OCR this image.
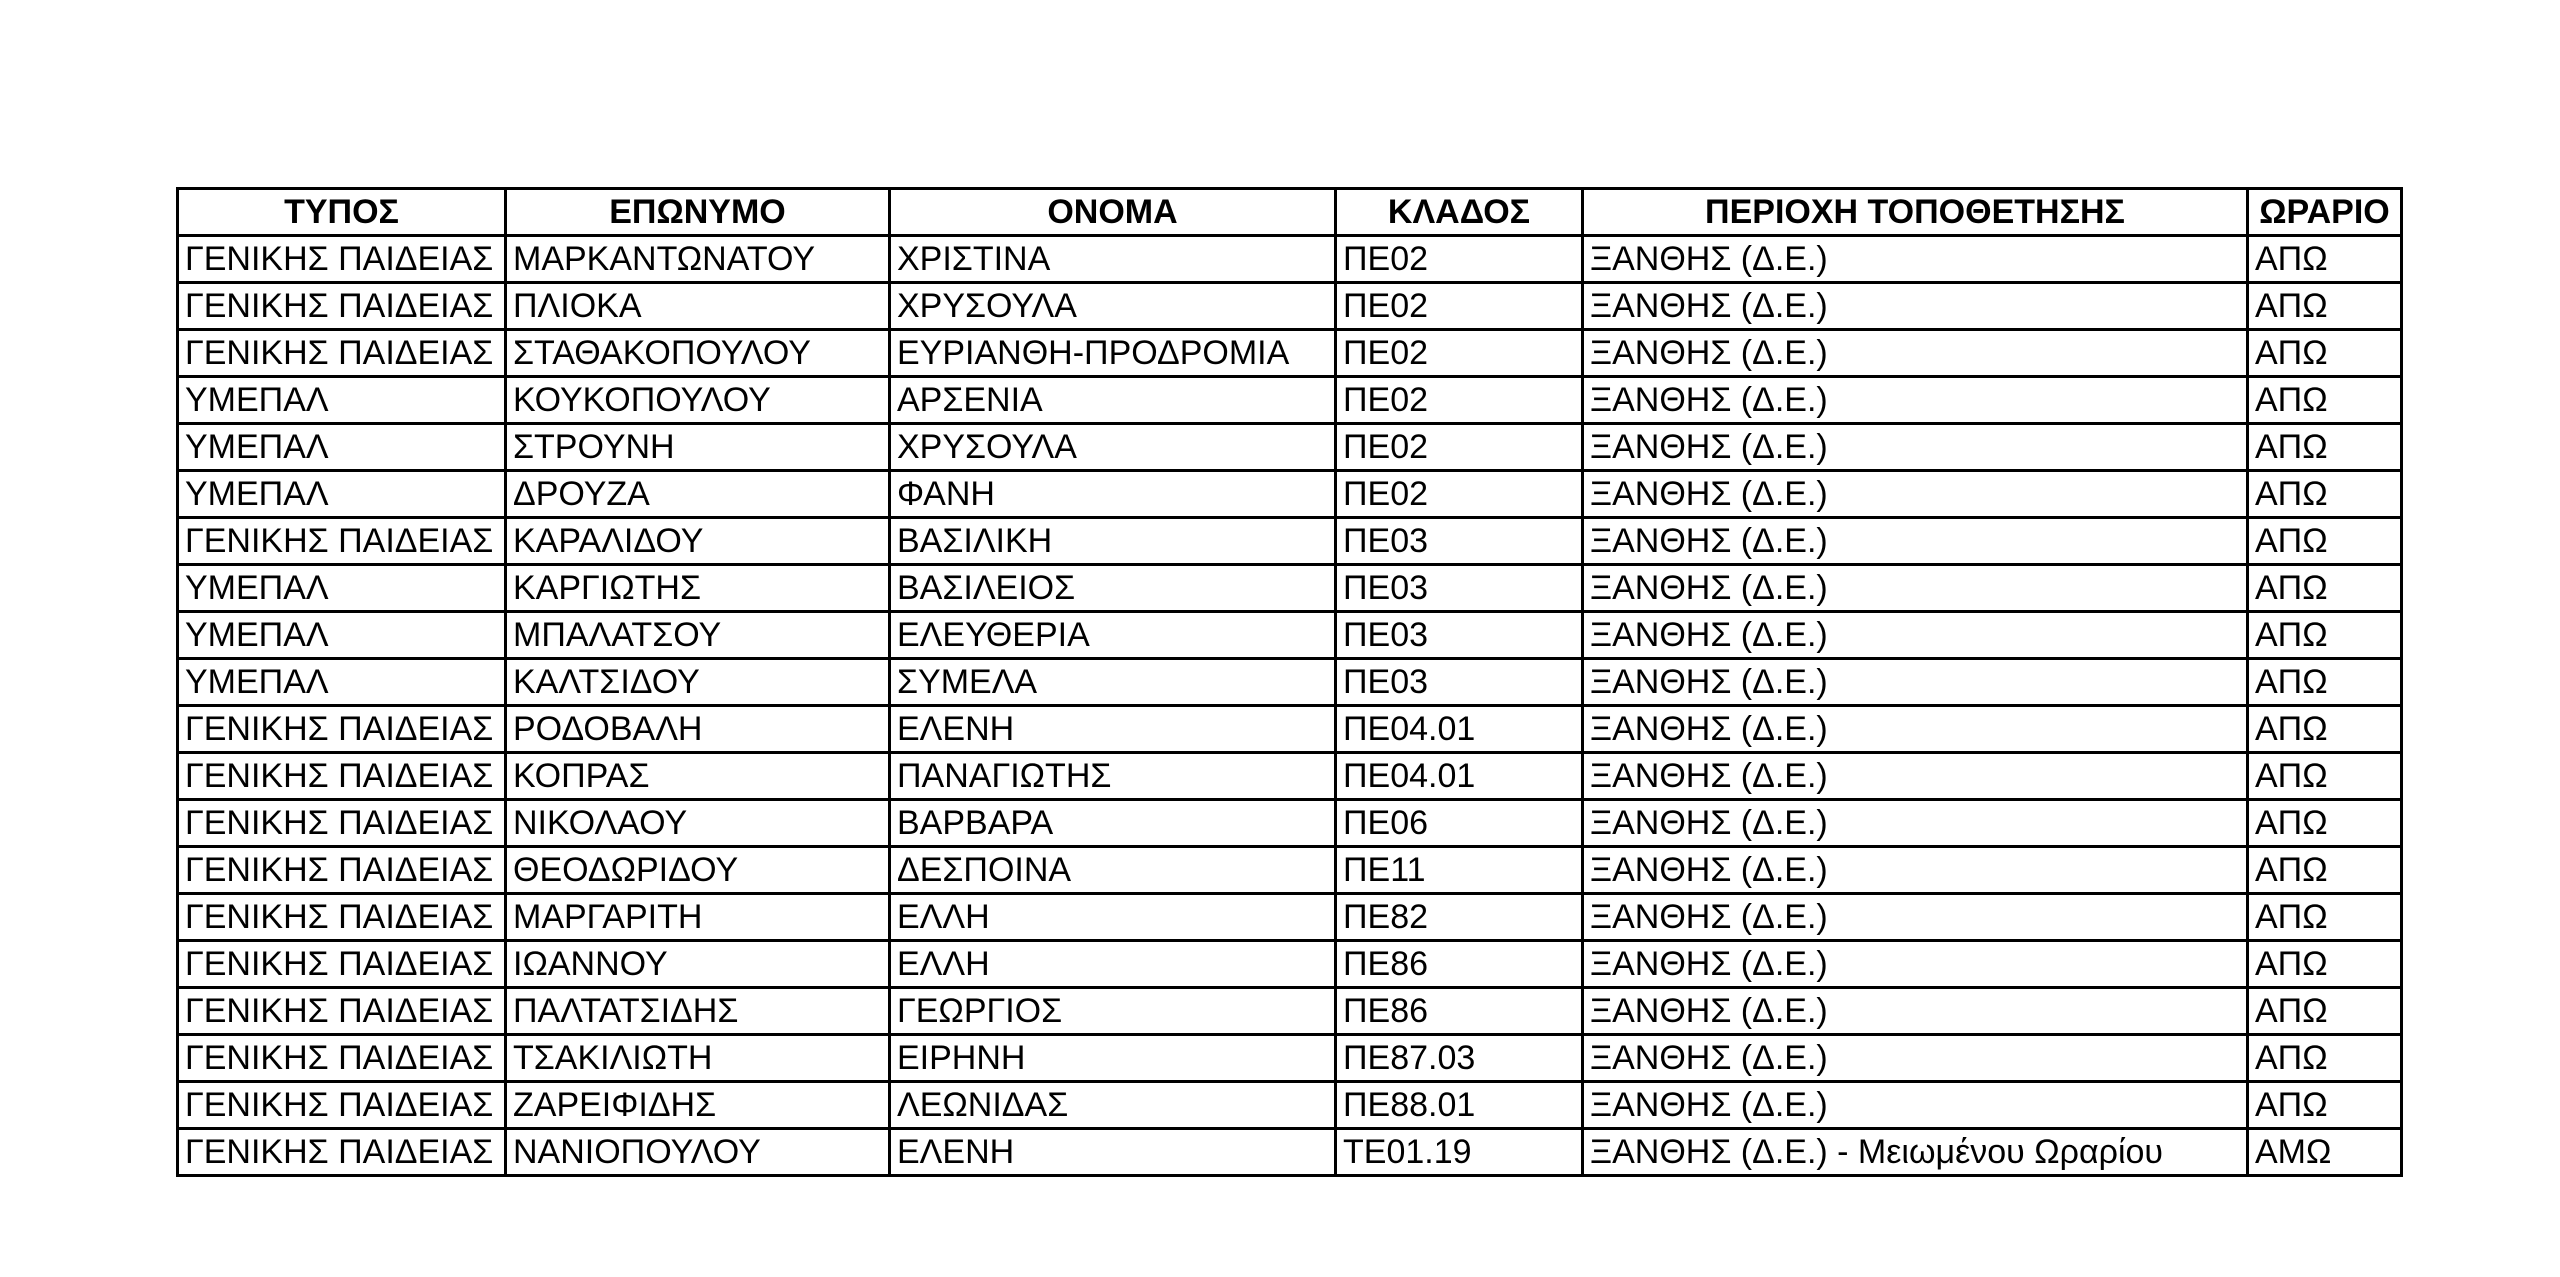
ΤΥΠΟΣ	ΕΠΩΝΥΜΟ	ΟΝΟΜΑ	ΚΛΑΔΟΣ	ΠΕΡΙΟΧΗ ΤΟΠΟΘΕΤΗΣΗΣ	ΩΡΑΡΙΟ
ΓΕΝΙΚΗΣ ΠΑΙΔΕΙΑΣ	ΜΑΡΚΑΝΤΩΝΑΤΟΥ	ΧΡΙΣΤΙΝΑ	ΠΕ02	ΞΑΝΘΗΣ (Δ.Ε.)	ΑΠΩ
ΓΕΝΙΚΗΣ ΠΑΙΔΕΙΑΣ	ΠΛΙΟΚΑ	ΧΡΥΣΟΥΛΑ	ΠΕ02	ΞΑΝΘΗΣ (Δ.Ε.)	ΑΠΩ
ΓΕΝΙΚΗΣ ΠΑΙΔΕΙΑΣ	ΣΤΑΘΑΚΟΠΟΥΛΟΥ	ΕΥΡΙΑΝΘΗ-ΠΡΟΔΡΟΜΙΑ	ΠΕ02	ΞΑΝΘΗΣ (Δ.Ε.)	ΑΠΩ
ΥΜΕΠΑΛ	ΚΟΥΚΟΠΟΥΛΟΥ	ΑΡΣΕΝΙΑ	ΠΕ02	ΞΑΝΘΗΣ (Δ.Ε.)	ΑΠΩ
ΥΜΕΠΑΛ	ΣΤΡΟΥΝΗ	ΧΡΥΣΟΥΛΑ	ΠΕ02	ΞΑΝΘΗΣ (Δ.Ε.)	ΑΠΩ
ΥΜΕΠΑΛ	ΔΡΟΥΖΑ	ΦΑΝΗ	ΠΕ02	ΞΑΝΘΗΣ (Δ.Ε.)	ΑΠΩ
ΓΕΝΙΚΗΣ ΠΑΙΔΕΙΑΣ	ΚΑΡΑΛΙΔΟΥ	ΒΑΣΙΛΙΚΗ	ΠΕ03	ΞΑΝΘΗΣ (Δ.Ε.)	ΑΠΩ
ΥΜΕΠΑΛ	ΚΑΡΓΙΩΤΗΣ	ΒΑΣΙΛΕΙΟΣ	ΠΕ03	ΞΑΝΘΗΣ (Δ.Ε.)	ΑΠΩ
ΥΜΕΠΑΛ	ΜΠΑΛΑΤΣΟΥ	ΕΛΕΥΘΕΡΙΑ	ΠΕ03	ΞΑΝΘΗΣ (Δ.Ε.)	ΑΠΩ
ΥΜΕΠΑΛ	ΚΑΛΤΣΙΔΟΥ	ΣΥΜΕΛΑ	ΠΕ03	ΞΑΝΘΗΣ (Δ.Ε.)	ΑΠΩ
ΓΕΝΙΚΗΣ ΠΑΙΔΕΙΑΣ	ΡΟΔΟΒΑΛΗ	ΕΛΕΝΗ	ΠΕ04.01	ΞΑΝΘΗΣ (Δ.Ε.)	ΑΠΩ
ΓΕΝΙΚΗΣ ΠΑΙΔΕΙΑΣ	ΚΟΠΡΑΣ	ΠΑΝΑΓΙΩΤΗΣ	ΠΕ04.01	ΞΑΝΘΗΣ (Δ.Ε.)	ΑΠΩ
ΓΕΝΙΚΗΣ ΠΑΙΔΕΙΑΣ	ΝΙΚΟΛΑΟΥ	ΒΑΡΒΑΡΑ	ΠΕ06	ΞΑΝΘΗΣ (Δ.Ε.)	ΑΠΩ
ΓΕΝΙΚΗΣ ΠΑΙΔΕΙΑΣ	ΘΕΟΔΩΡΙΔΟΥ	ΔΕΣΠΟΙΝΑ	ΠΕ11	ΞΑΝΘΗΣ (Δ.Ε.)	ΑΠΩ
ΓΕΝΙΚΗΣ ΠΑΙΔΕΙΑΣ	ΜΑΡΓΑΡΙΤΗ	ΕΛΛΗ	ΠΕ82	ΞΑΝΘΗΣ (Δ.Ε.)	ΑΠΩ
ΓΕΝΙΚΗΣ ΠΑΙΔΕΙΑΣ	ΙΩΑΝΝΟΥ	ΕΛΛΗ	ΠΕ86	ΞΑΝΘΗΣ (Δ.Ε.)	ΑΠΩ
ΓΕΝΙΚΗΣ ΠΑΙΔΕΙΑΣ	ΠΑΛΤΑΤΣΙΔΗΣ	ΓΕΩΡΓΙΟΣ	ΠΕ86	ΞΑΝΘΗΣ (Δ.Ε.)	ΑΠΩ
ΓΕΝΙΚΗΣ ΠΑΙΔΕΙΑΣ	ΤΣΑΚΙΛΙΩΤΗ	ΕΙΡΗΝΗ	ΠΕ87.03	ΞΑΝΘΗΣ (Δ.Ε.)	ΑΠΩ
ΓΕΝΙΚΗΣ ΠΑΙΔΕΙΑΣ	ΖΑΡΕΙΦΙΔΗΣ	ΛΕΩΝΙΔΑΣ	ΠΕ88.01	ΞΑΝΘΗΣ (Δ.Ε.)	ΑΠΩ
ΓΕΝΙΚΗΣ ΠΑΙΔΕΙΑΣ	ΝΑΝΙΟΠΟΥΛΟΥ	ΕΛΕΝΗ	ΤΕ01.19	ΞΑΝΘΗΣ (Δ.Ε.) - Μειωμένου Ωραρίου	ΑΜΩ
